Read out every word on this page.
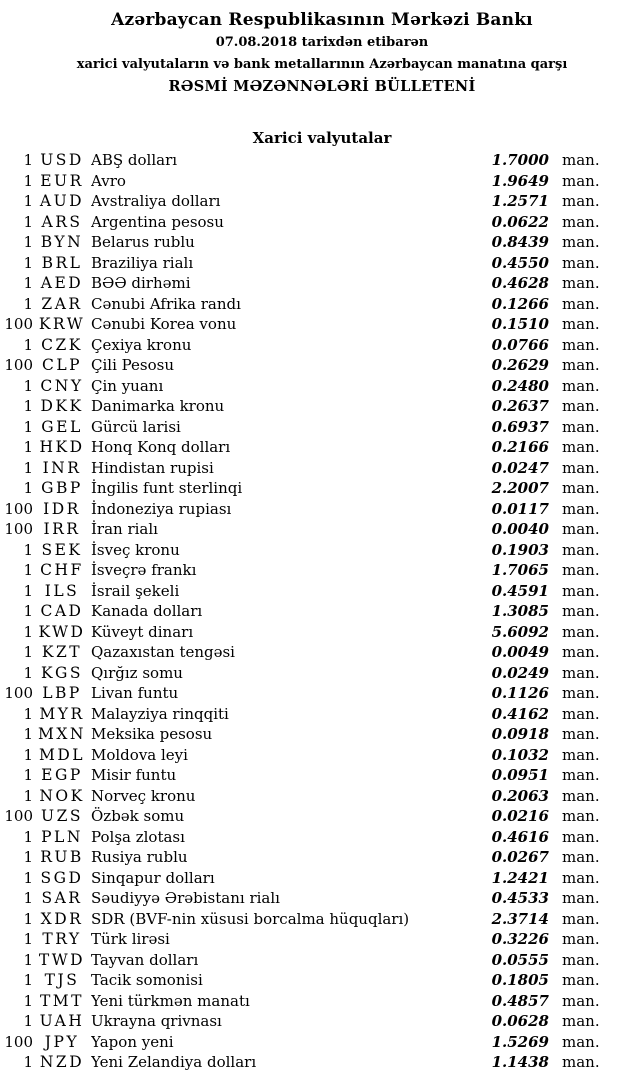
Azərbaycan Respublikasının Mərkəzi Bankı
07.08.2018 tarixdən etibarən
xarici valyutaların və bank metallarının Azərbaycan manatına qarşı
RƏSMİ MƏZƏNNƏLƏRİ BÜLLETENİ
Xarici valyutalar
1 USD ABŞ dolları	1.7000 man.
1 EUR Avro	1.9649 man.
1 AUD Avstraliya dolları	1.2571 man.
1 ARS Argentina pesosu	0.0622 man.
1 BYN Belarus rublu	0.8439 man.
1 BRL Braziliya rialı	0.4550 man.
1 AED BƏƏ dirhəmi	0.4628 man.
1 ZAR Cənubi Afrika randı	0.1266 man.
100 KRW Cənubi Korea vonu	0.1510 man.
1 CZK Çexiya kronu	0.0766 man.
100 CLP Çili Pesosu	0.2629 man.
1 CNY Çin yuanı	0.2480 man.
1 DKK Danimarka kronu	0.2637 man.
1 GEL Gürcü larisi	0.6937 man.
1 HKD Honq Konq dolları	0.2166 man.
1 INR Hindistan rupisi	0.0247 man.
1 GBP İngilis funt sterlinqi	2.2007 man.
100 IDR İndoneziya rupiası	0.0117 man.
100 IRR İran rialı	0.0040 man.
1 SEK İsveç kronu	0.1903 man.
1 CHF İsveçrə frankı	1.7065 man.
1 ILS İsrail şekeli	0.4591 man.
1 CAD Kanada dolları	1.3085 man.
1 KWD Küveyt dinarı	5.6092 man.
1 KZT Qazaxıstan tengəsi	0.0049 man.
1 KGS Qırğız somu	0.0249 man.
100 LBP Livan funtu	0.1126 man.
1 MYR Malayziya rinqqiti	0.4162 man.
1 MXN Meksika pesosu	0.0918 man.
1 MDL Moldova leyi	0.1032 man.
1 EGP Misir funtu	0.0951 man.
1 NOK Norveç kronu	0.2063 man.
100 UZS Özbək somu	0.0216 man.
1 PLN Polşa zlotası	0.4616 man.
1 RUB Rusiya rublu	0.0267 man.
1 SGD Sinqapur dolları	1.2421 man.
1 SAR Səudiyyə Ərəbistanı rialı	0.4533 man.
1 XDR SDR (BVF-nin xüsusi borcalma hüquqları)	2.3714 man.
1 TRY Türk lirəsi	0.3226 man.
1 TWD Tayvan dolları	0.0555 man.
1 TJS Tacik somonisi	0.1805 man.
1 TMT Yeni türkmən manatı	0.4857 man.
1 UAH Ukrayna qrivnası	0.0628 man.
100 JPY Yapon yeni	1.5269 man.
1 NZD Yeni Zelandiya dolları	1.1438 man.
